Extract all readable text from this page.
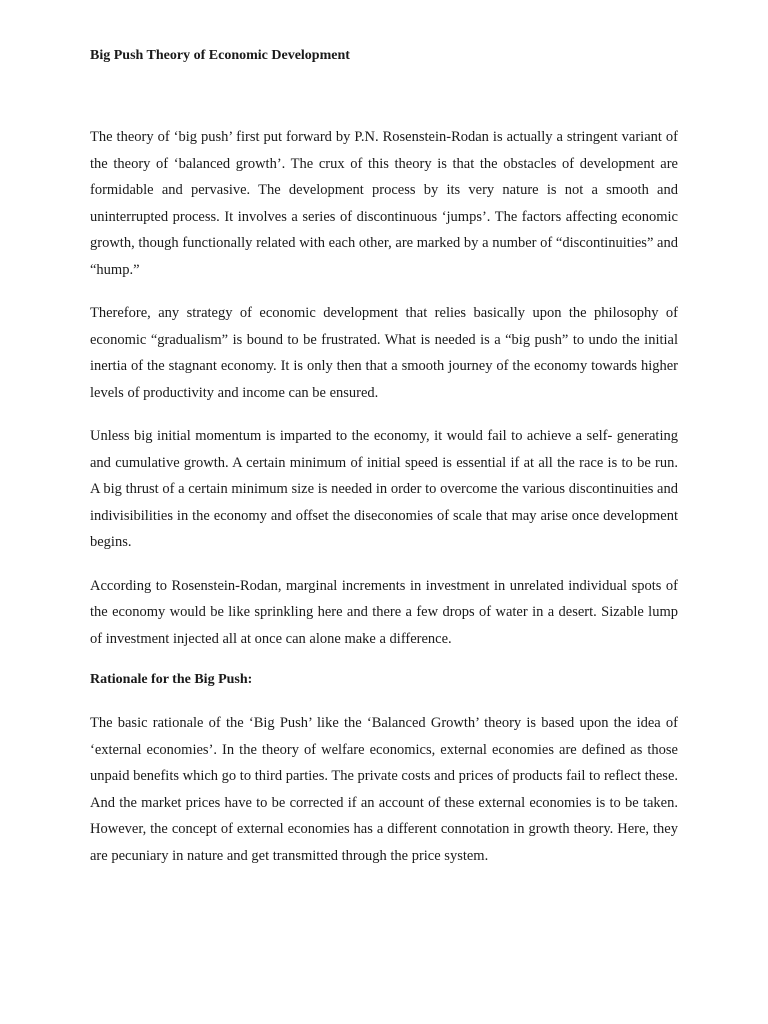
Big Push Theory of Economic Development

The theory of ‘big push’ first put forward by P.N. Rosenstein-Rodan is actually a stringent variant of the theory of ‘balanced growth’. The crux of this theory is that the obstacles of development are formidable and pervasive. The development process by its very nature is not a smooth and uninterrupted process. It involves a series of discontinuous ‘jumps’. The factors affecting economic growth, though functionally related with each other, are marked by a number of “discontinuities” and “hump.”

Therefore, any strategy of economic development that relies basically upon the philosophy of economic “gradualism” is bound to be frustrated. What is needed is a “big push” to undo the initial inertia of the stagnant economy. It is only then that a smooth journey of the economy towards higher levels of productivity and income can be ensured.

Unless big initial momentum is imparted to the economy, it would fail to achieve a self- generating and cumulative growth. A certain minimum of initial speed is essential if at all the race is to be run. A big thrust of a certain minimum size is needed in order to overcome the various discontinuities and indivisibilities in the economy and offset the diseconomies of scale that may arise once development begins.

According to Rosenstein-Rodan, marginal increments in investment in unrelated individual spots of the economy would be like sprinkling here and there a few drops of water in a desert. Sizable lump of investment injected all at once can alone make a difference.

Rationale for the Big Push:

The basic rationale of the ‘Big Push’ like the ‘Balanced Growth’ theory is based upon the idea of ‘external economies’. In the theory of welfare economics, external economies are defined as those unpaid benefits which go to third parties. The private costs and prices of products fail to reflect these. And the market prices have to be corrected if an account of these external economies is to be taken. However, the concept of external economies has a different connotation in growth theory. Here, they are pecuniary in nature and get transmitted through the price system.
